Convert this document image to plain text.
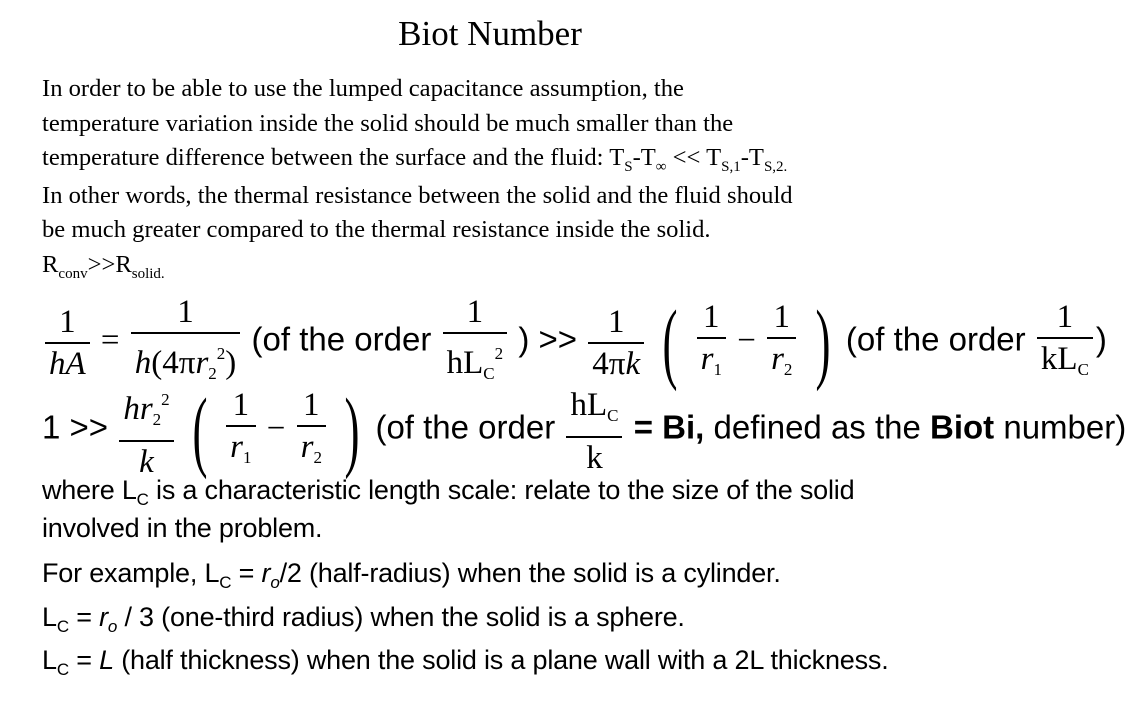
Biot Number
In order to be able to use the lumped capacitance assumption, the
temperature variation inside the solid should be much smaller than the
temperature difference between the surface and the fluid: $T_S-T_\infty << T_{S,1}-T_{S,2.}$
In other words, the thermal resistance between the solid and the fluid should
be much greater compared to the thermal resistance inside the solid.
$R_{conv}>>R_{solid.}$
$\frac{1}{hA} = \frac{1}{h(4\pi r2^2)} (of$ the order $\frac{1}{hLC^2}$ ) >> $\frac{1}{4\pi k}$ ( $\frac{1}{r1} - \frac{1}{r2}$ ) (of the order $\frac{1}{\text{kLC}}$ )
$1 >> \frac{hr2^2}{k}$ ( $\frac{1}{r1} - \frac{1}{r2}$ ) (of the order $\frac{\text{hLC}}{k} = Bi$, defined as the Biot number)
where $L_C$ is a characteristic length scale: relate to the size of the solid
involved in the problem.
For example, $L_C = r_o/2$ (half-radius) when the solid is a cylinder.
$L_C = r_o / 3$ (one-third radius) when the solid is a sphere.
$L_C = L$ (half thickness) when the solid is a plane wall with a 2L thickness.
